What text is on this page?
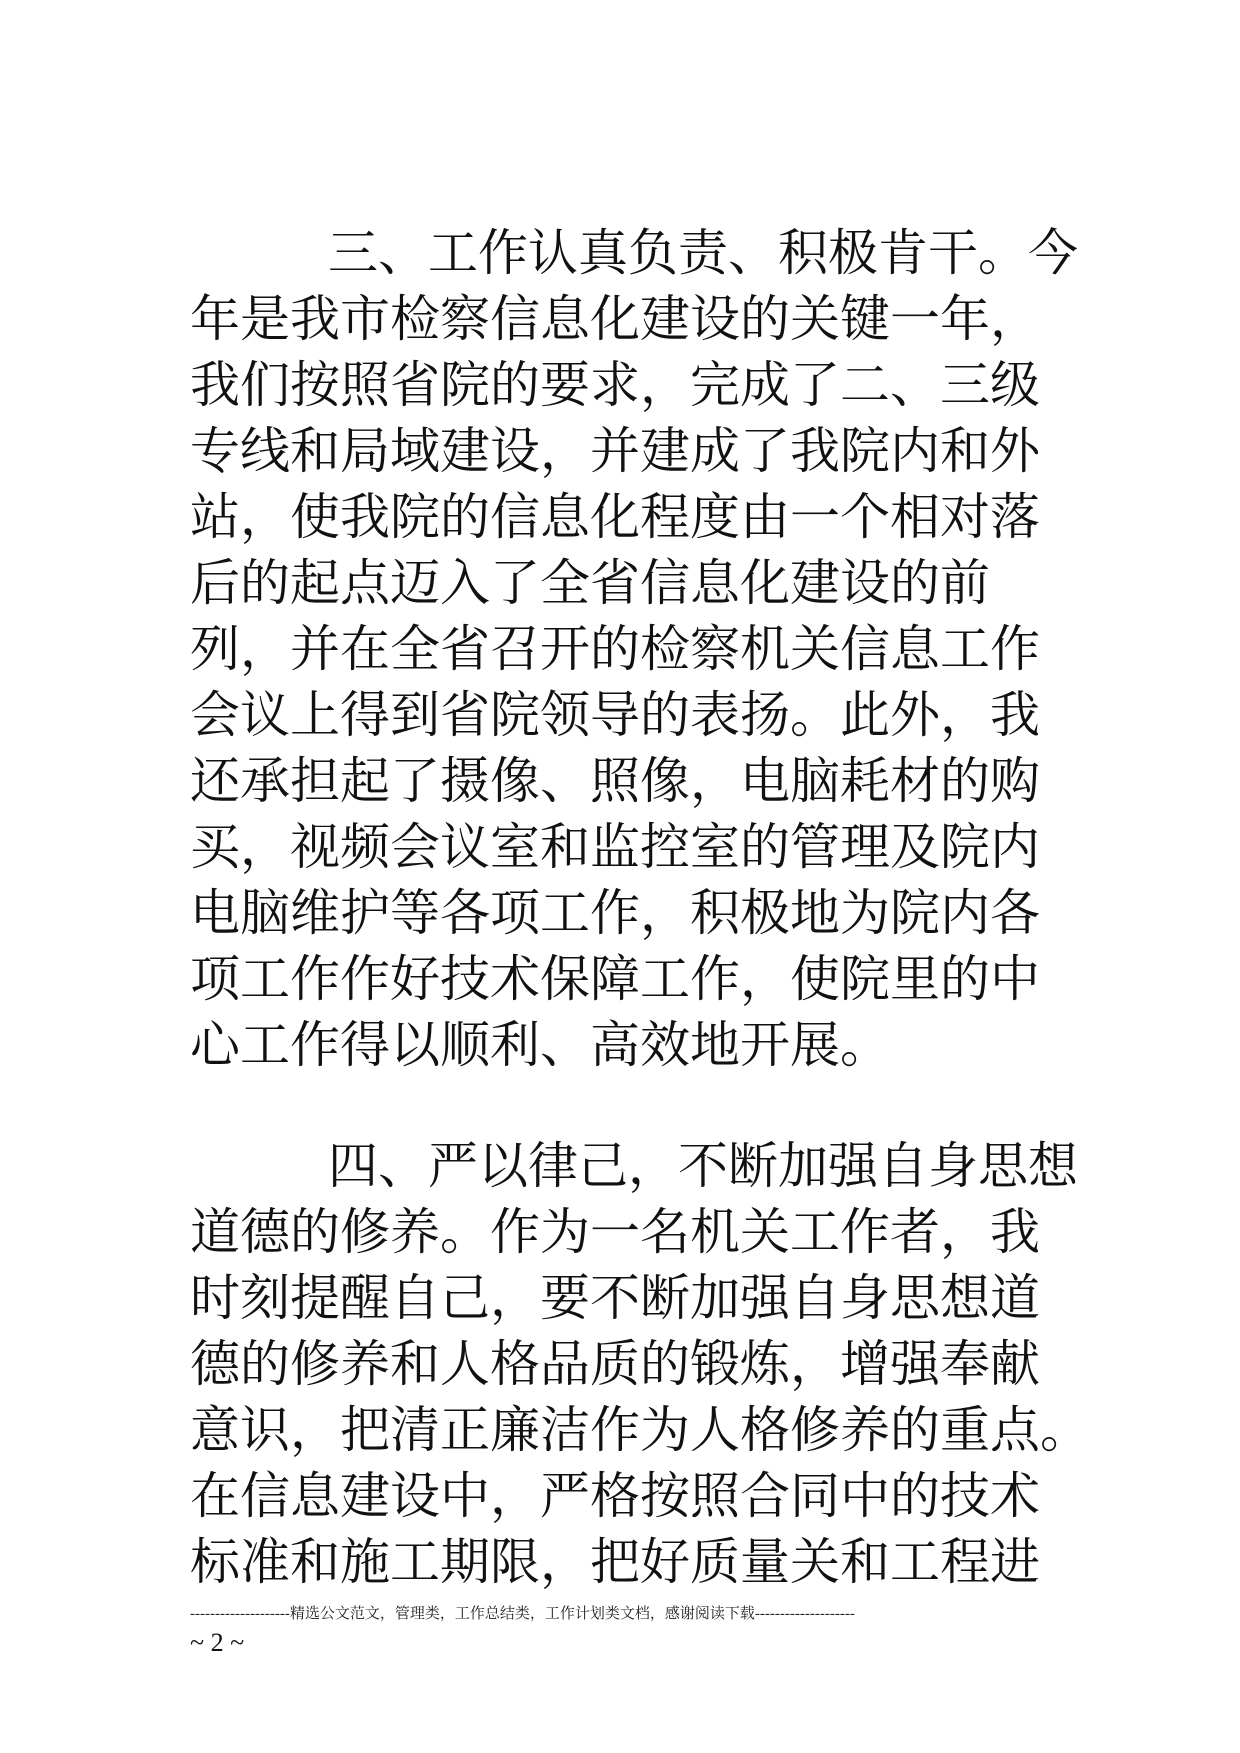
三、工作认真负责、积极肯干。今
年是我市检察信息化建设的关键一年，
我们按照省院的要求，完成了二、三级
专线和局域建设，并建成了我院内和外
站，使我院的信息化程度由一个相对落
后的起点迈入了全省信息化建设的前
列，并在全省召开的检察机关信息工作
会议上得到省院领导的表扬。此外，我
还承担起了摄像、照像，电脑耗材的购
买，视频会议室和监控室的管理及院内
电脑维护等各项工作，积极地为院内各
项工作作好技术保障工作，使院里的中
心工作得以顺利、高效地开展。
四、严以律己，不断加强自身思想
道德的修养。作为一名机关工作者，我
时刻提醒自己，要不断加强自身思想道
德的修养和人格品质的锻炼，增强奉献
意识，把清正廉洁作为人格修养的重点。
在信息建设中，严格按照合同中的技术
标准和施工期限，把好质量关和工程进
--------------------精选公文范文，管理类，工作总结类，工作计划类文档，感谢阅读下载--------------------
~ 2 ~
